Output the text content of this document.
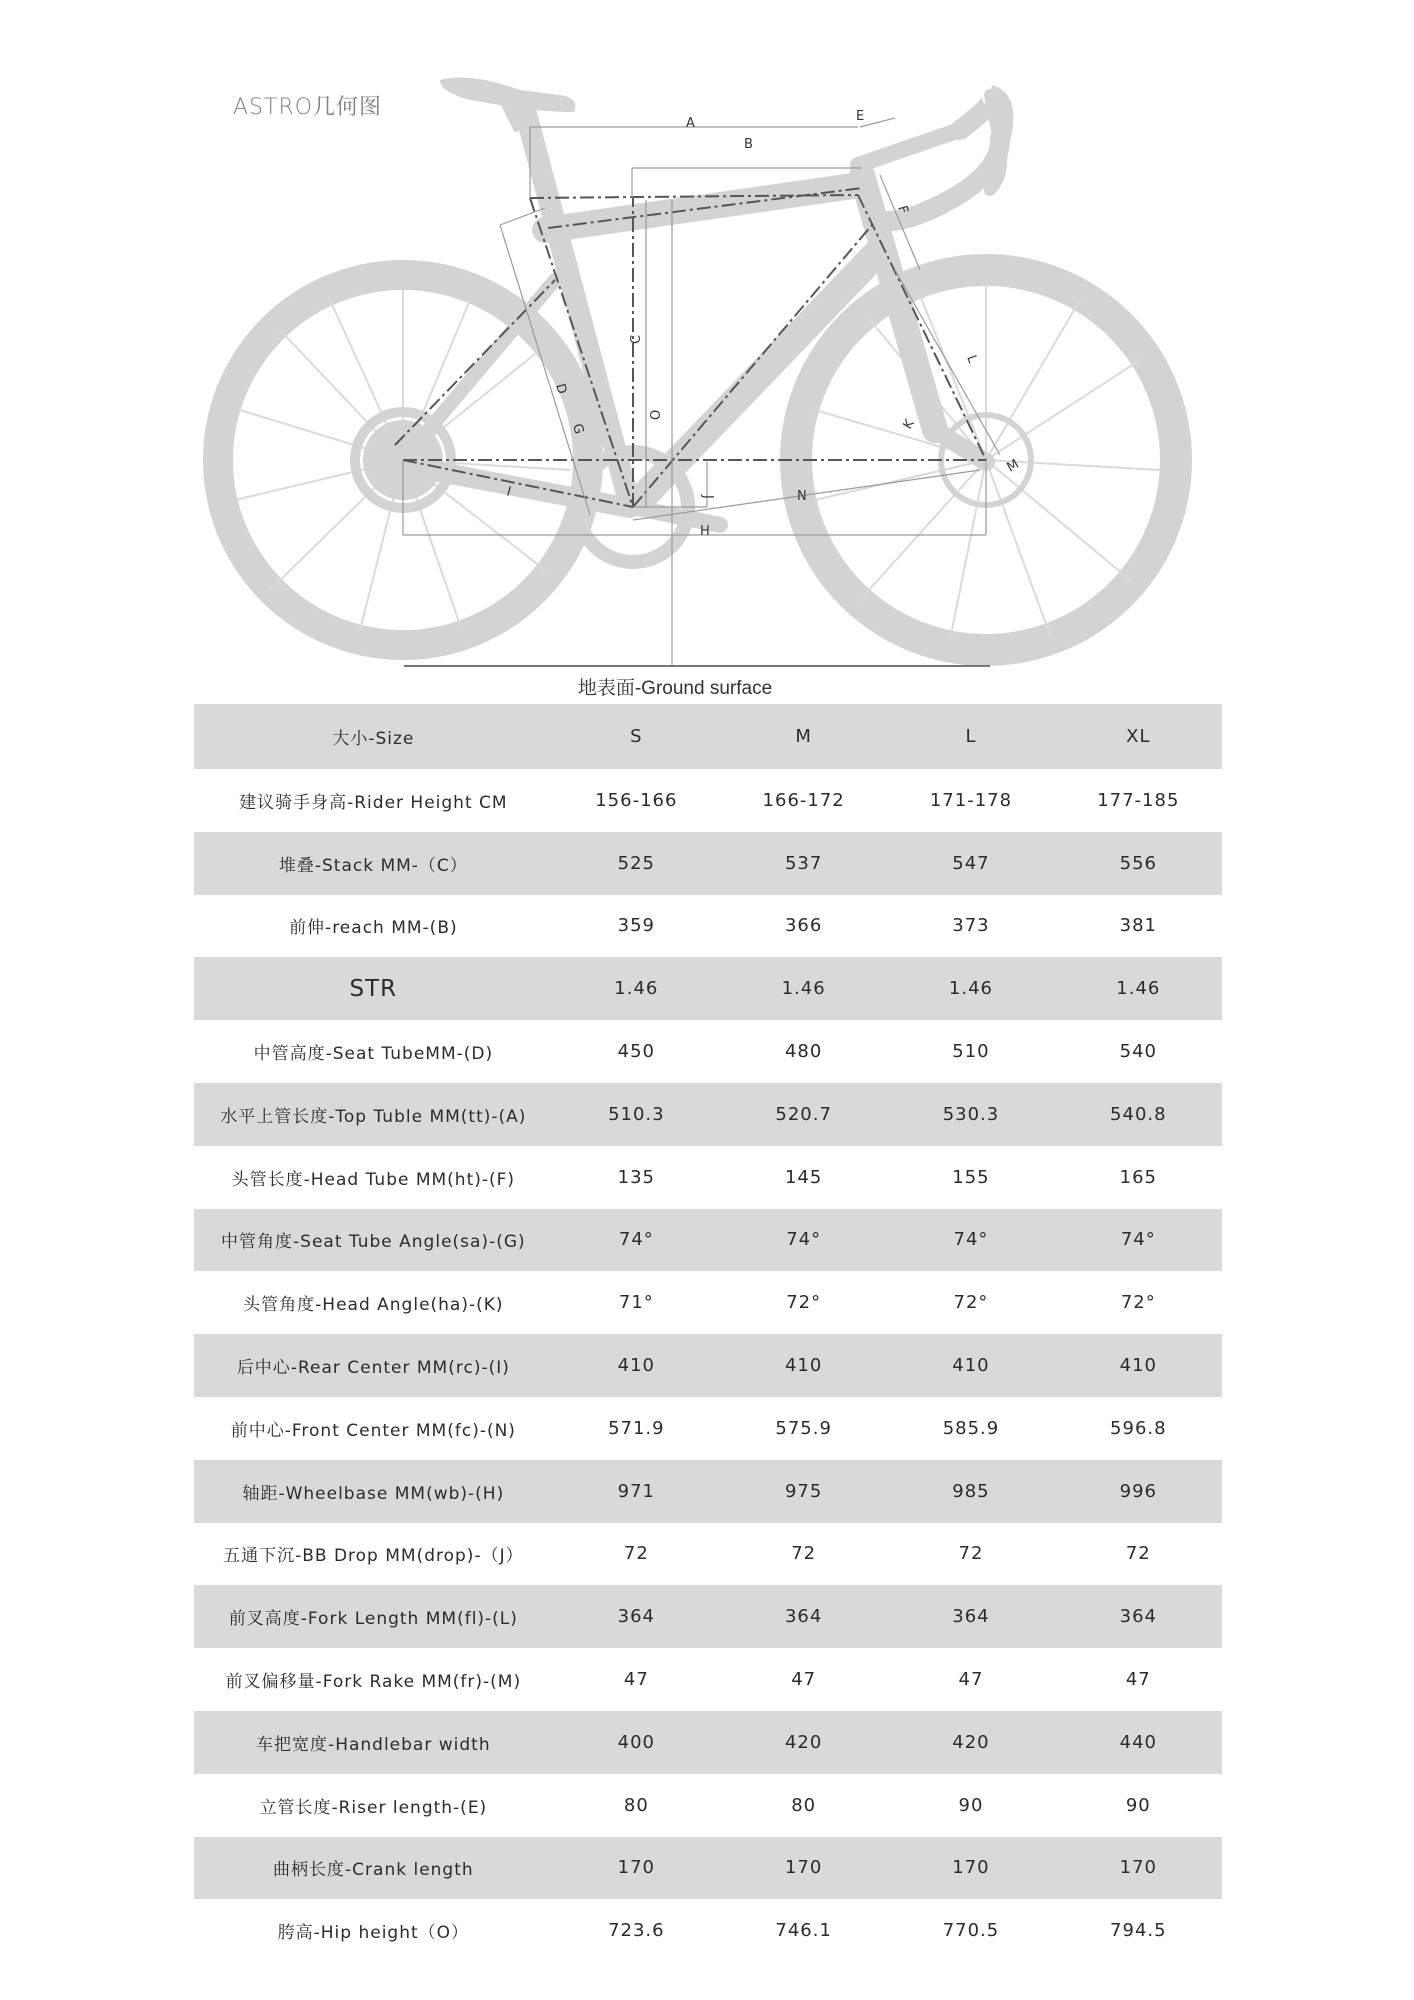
ASTRO几何图
A
B
C
D
E
F
G
H
I	J
K
L
M
N
O
地表面-Ground surface
大小-Size	S	M	L	XL
建议骑手身高-Rider Height CM	156-166	166-172	171-178	177-185
堆叠-Stack MM-（C）	525	537	547	556
前伸-reach MM-(B)	359	366	373	381
STR	1.46	1.46	1.46	1.46
中管高度-Seat TubeMM-(D)	450	480	510	540
水平上管长度-Top Tuble MM(tt)-(A)	510.3	520.7	530.3	540.8
头管长度-Head Tube MM(ht)-(F)	135	145	155	165
中管角度-Seat Tube Angle(sa)-(G)	74°	74°	74°	74°
头管角度-Head Angle(ha)-(K)	71°	72°	72°	72°
后中心-Rear Center MM(rc)-(I)	410	410	410	410
前中心-Front Center MM(fc)-(N)	571.9	575.9	585.9	596.8
轴距-Wheelbase MM(wb)-(H)	971	975	985	996
五通下沉-BB Drop MM(drop)-（J）	72	72	72	72
前叉高度-Fork Length MM(fl)-(L)	364	364	364	364
前叉偏移量-Fork Rake MM(fr)-(M)	47	47	47	47
车把宽度-Handlebar width	400	420	420	440
立管长度-Riser length-(E)	80	80	90	90
曲柄长度-Crank length	170	170	170	170
胯高-Hip height（O）	723.6	746.1	770.5	794.5
